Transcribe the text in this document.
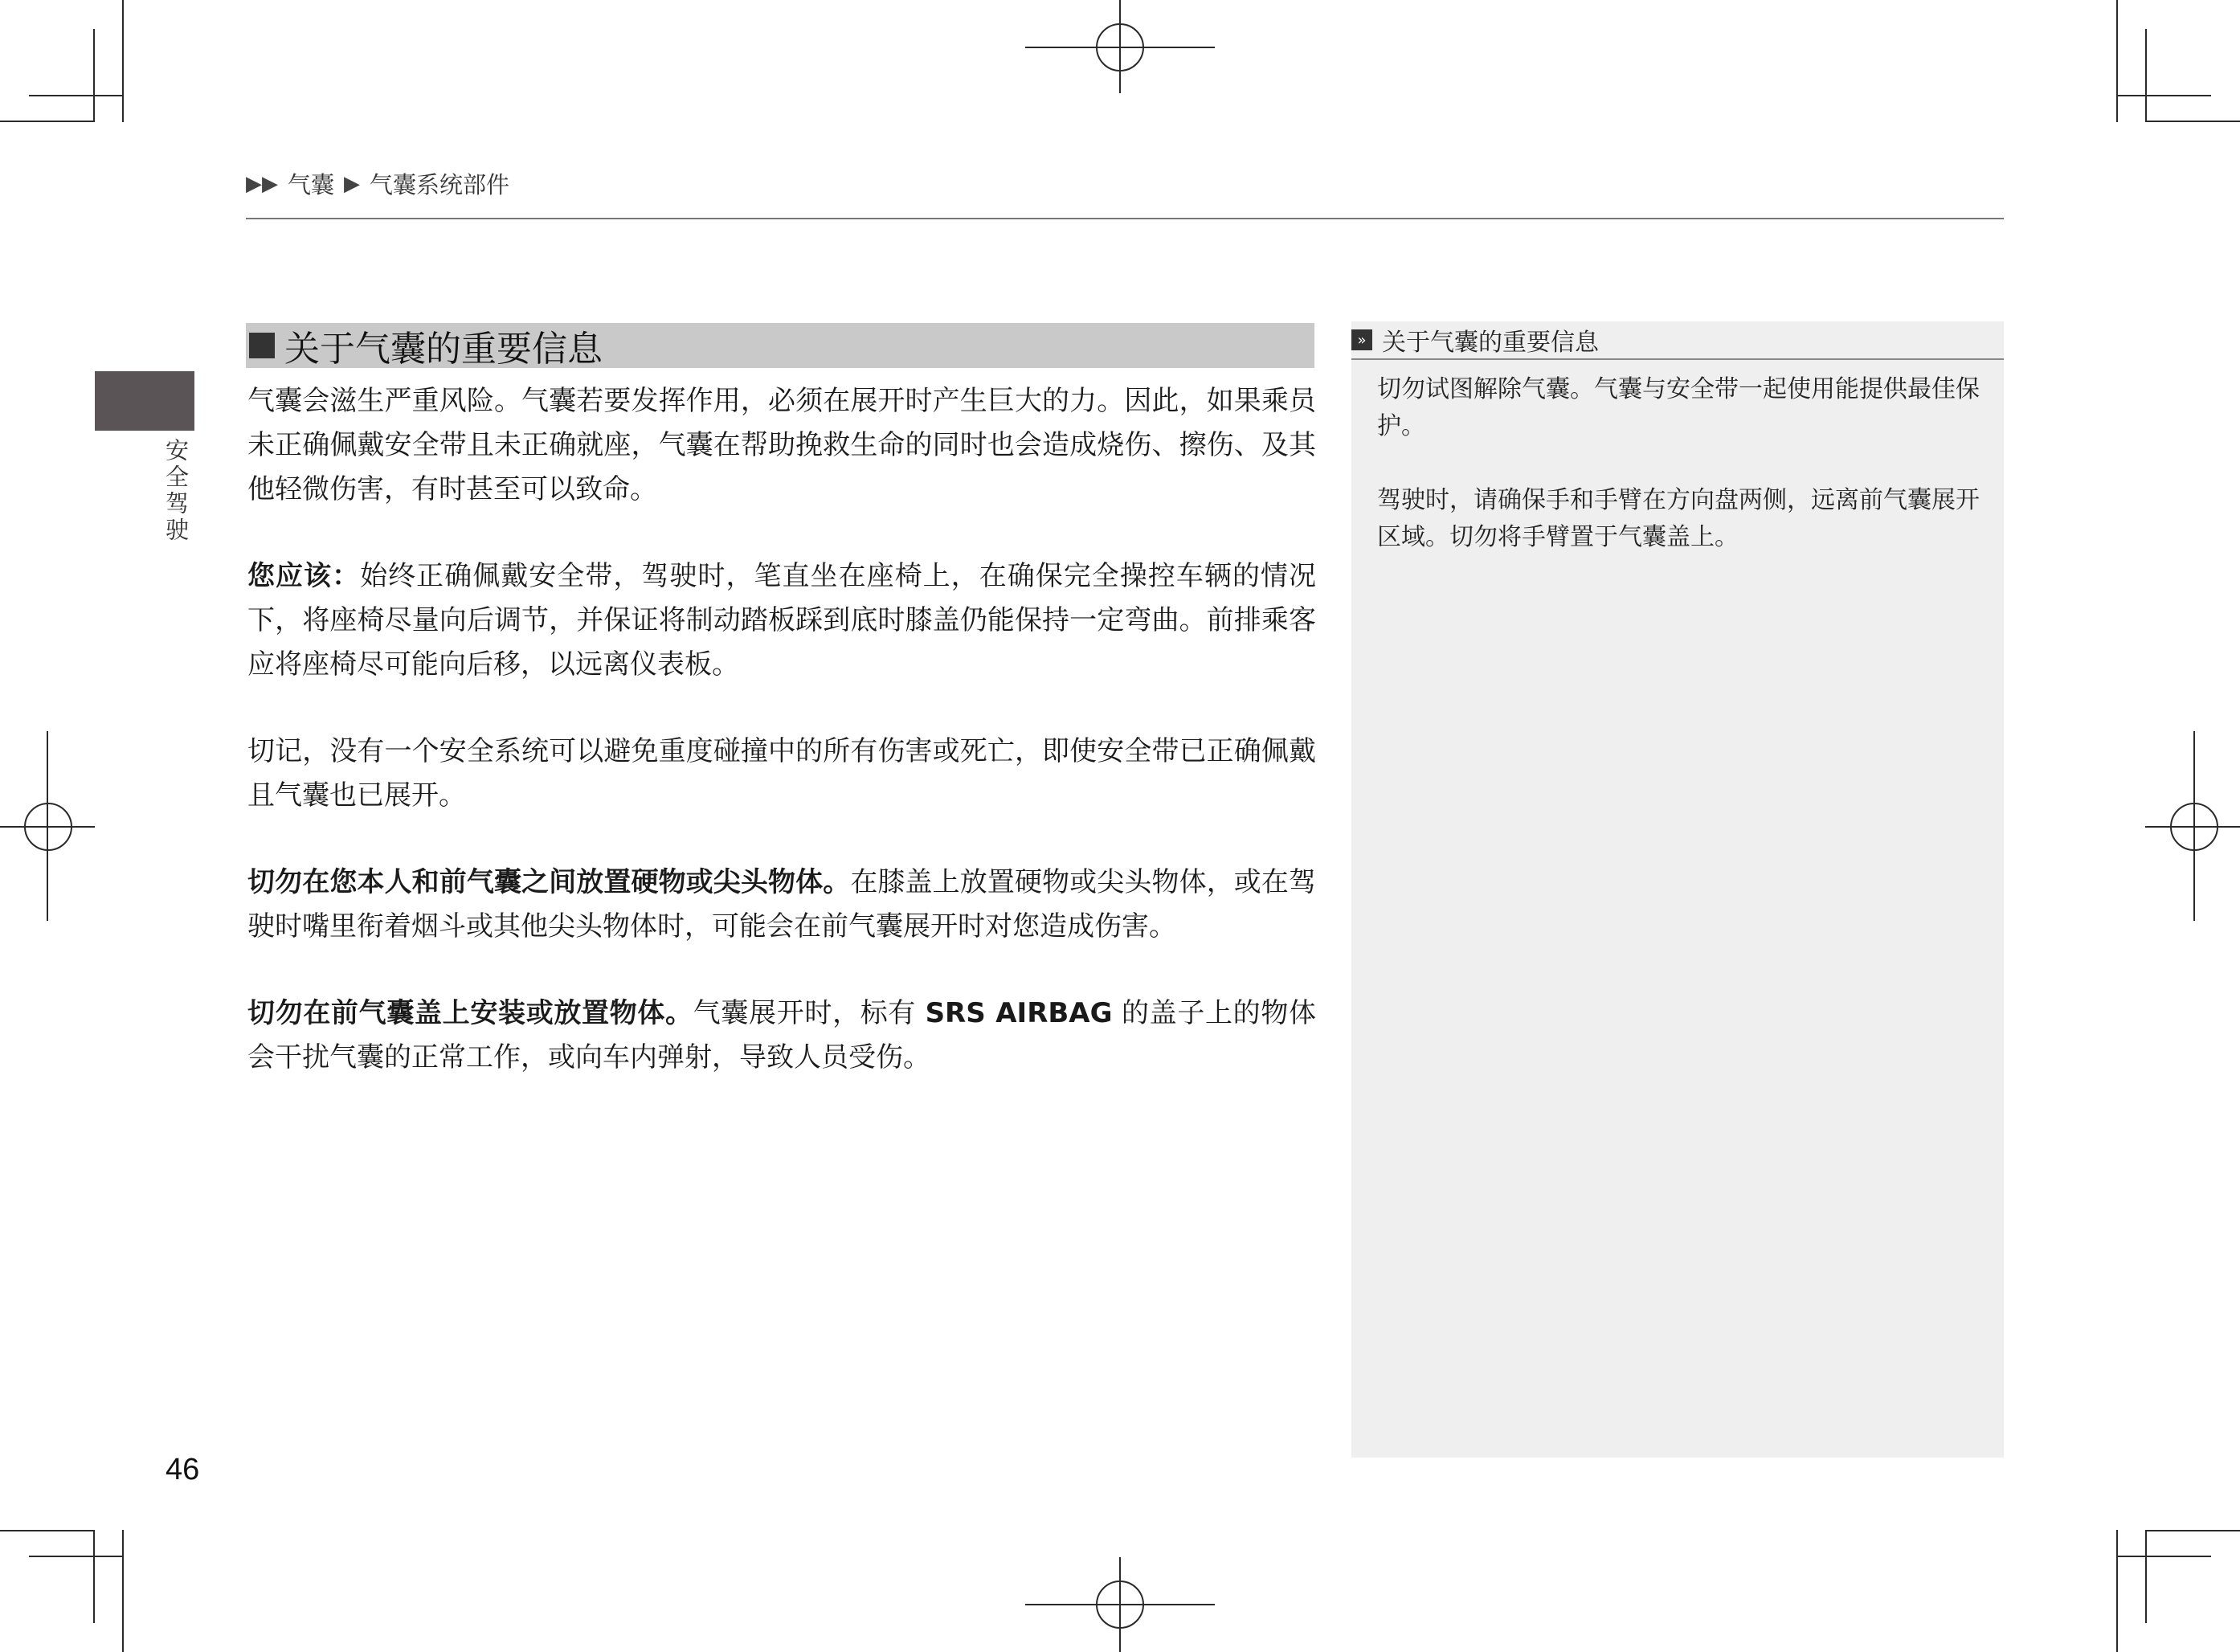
▶▶ 气囊 ▶ 气囊系统部件
安全驾驶
关于气囊的重要信息

气囊会滋生严重风险。气囊若要发挥作用，必须在展开时产生巨大的力。因此，如果乘员未正确佩戴安全带且未正确就座，气囊在帮助挽救生命的同时也会造成烧伤、擦伤、及其他轻微伤害，有时甚至可以致命。

您应该：始终正确佩戴安全带，驾驶时，笔直坐在座椅上，在确保完全操控车辆的情况下，将座椅尽量向后调节，并保证将制动踏板踩到底时膝盖仍能保持一定弯曲。前排乘客应将座椅尽可能向后移，以远离仪表板。

切记，没有一个安全系统可以避免重度碰撞中的所有伤害或死亡，即使安全带已正确佩戴且气囊也已展开。

切勿在您本人和前气囊之间放置硬物或尖头物体。在膝盖上放置硬物或尖头物体，或在驾驶时嘴里衔着烟斗或其他尖头物体时，可能会在前气囊展开时对您造成伤害。

切勿在前气囊盖上安装或放置物体。气囊展开时，标有 SRS AIRBAG 的盖子上的物体会干扰气囊的正常工作，或向车内弹射，导致人员受伤。

» 关于气囊的重要信息

切勿试图解除气囊。气囊与安全带一起使用能提供最佳保护。

驾驶时，请确保手和手臂在方向盘两侧，远离前气囊展开区域。切勿将手臂置于气囊盖上。

46
